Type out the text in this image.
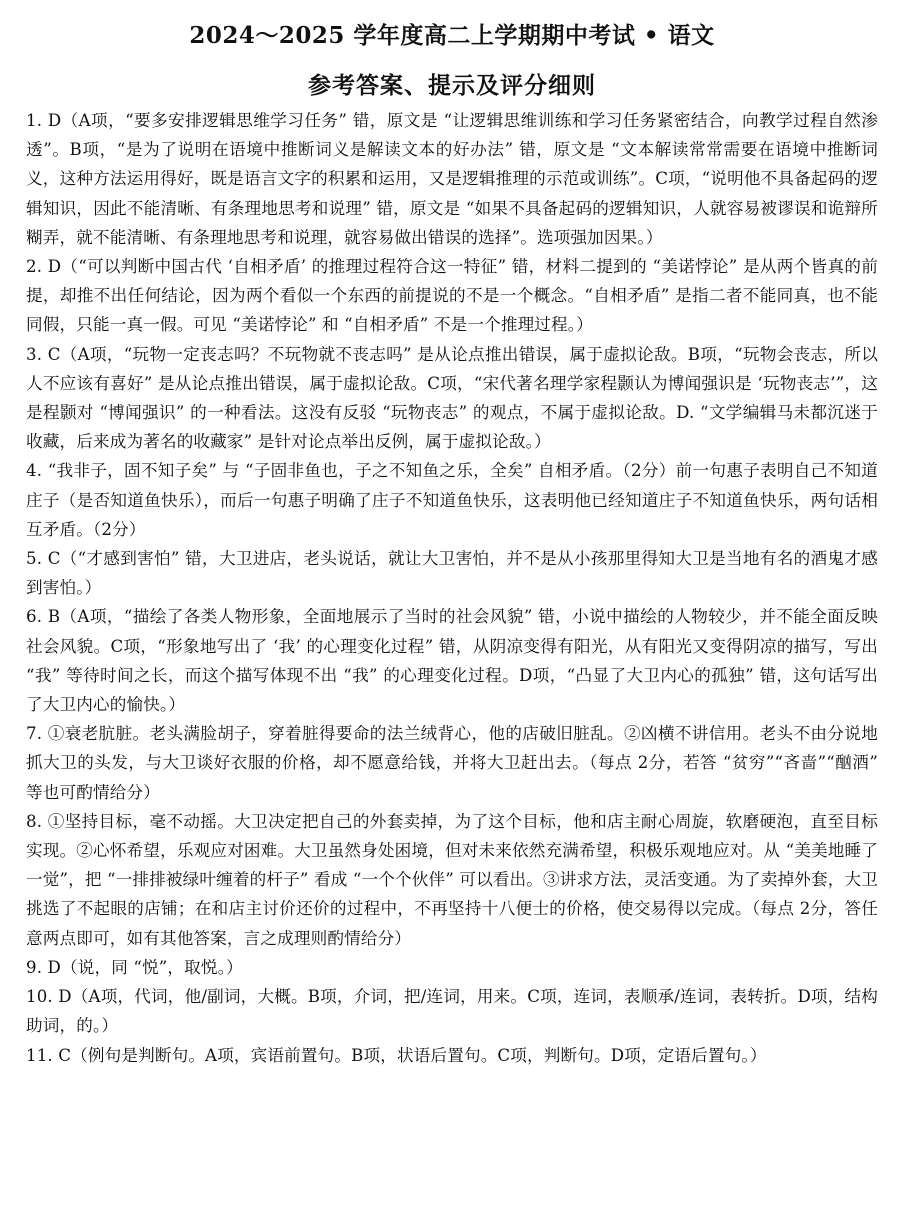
2024～2025 学年度高二上学期期中考试 • 语文
参考答案、提示及评分细则

1. D（A项，“要多安排逻辑思维学习任务” 错，原文是 “让逻辑思维训练和学习任务紧密结合，向教学过程自然渗透”。B项，“是为了说明在语境中推断词义是解读文本的好办法” 错，原文是 “文本解读常常需要在语境中推断词义，这种方法运用得好，既是语言文字的积累和运用，又是逻辑推理的示范或训练”。C项，“说明他不具备起码的逻辑知识，因此不能清晰、有条理地思考和说理” 错，原文是 “如果不具备起码的逻辑知识，人就容易被谬误和诡辩所糊弄，就不能清晰、有条理地思考和说理，就容易做出错误的选择”。选项强加因果。）

2. D（“可以判断中国古代 ‘自相矛盾’ 的推理过程符合这一特征” 错，材料二提到的 “美诺悖论” 是从两个皆真的前提，却推不出任何结论，因为两个看似一个东西的前提说的不是一个概念。“自相矛盾” 是指二者不能同真，也不能同假，只能一真一假。可见 “美诺悖论” 和 “自相矛盾” 不是一个推理过程。）

3. C（A项，“玩物一定丧志吗？不玩物就不丧志吗” 是从论点推出错误，属于虚拟论敌。B项，“玩物会丧志，所以人不应该有喜好” 是从论点推出错误，属于虚拟论敌。C项，“宋代著名理学家程颢认为博闻强识是 ‘玩物丧志’”，这是程颢对 “博闻强识” 的一种看法。这没有反驳 “玩物丧志” 的观点，不属于虚拟论敌。D. “文学编辑马未都沉迷于收藏，后来成为著名的收藏家” 是针对论点举出反例，属于虚拟论敌。）

4. “我非子，固不知子矣” 与 “子固非鱼也，子之不知鱼之乐，全矣” 自相矛盾。（2分）前一句惠子表明自己不知道庄子（是否知道鱼快乐），而后一句惠子明确了庄子不知道鱼快乐，这表明他已经知道庄子不知道鱼快乐，两句话相互矛盾。（2分）

5. C（“才感到害怕” 错，大卫进店，老头说话，就让大卫害怕，并不是从小孩那里得知大卫是当地有名的酒鬼才感到害怕。）

6. B（A项，“描绘了各类人物形象，全面地展示了当时的社会风貌” 错，小说中描绘的人物较少，并不能全面反映社会风貌。C项，“形象地写出了 ‘我’ 的心理变化过程” 错，从阴凉变得有阳光，从有阳光又变得阴凉的描写，写出 “我” 等待时间之长，而这个描写体现不出 “我” 的心理变化过程。D项，“凸显了大卫内心的孤独” 错，这句话写出了大卫内心的愉快。）

7. ①衰老肮脏。老头满脸胡子，穿着脏得要命的法兰绒背心，他的店破旧脏乱。②凶横不讲信用。老头不由分说地抓大卫的头发，与大卫谈好衣服的价格，却不愿意给钱，并将大卫赶出去。（每点 2分，若答 “贫穷”“吝啬”“酗酒” 等也可酌情给分）

8. ①坚持目标，毫不动摇。大卫决定把自己的外套卖掉，为了这个目标，他和店主耐心周旋，软磨硬泡，直至目标实现。②心怀希望，乐观应对困难。大卫虽然身处困境，但对未来依然充满希望，积极乐观地应对。从 “美美地睡了一觉”，把 “一排排被绿叶缠着的杆子” 看成 “一个个伙伴” 可以看出。③讲求方法，灵活变通。为了卖掉外套，大卫挑选了不起眼的店铺；在和店主讨价还价的过程中，不再坚持十八便士的价格，使交易得以完成。（每点 2分，答任意两点即可，如有其他答案，言之成理则酌情给分）

9. D（说，同 “悦”，取悦。）

10. D（A项，代词，他/副词，大概。B项，介词，把/连词，用来。C项，连词，表顺承/连词，表转折。D项，结构助词，的。）

11. C（例句是判断句。A项，宾语前置句。B项，状语后置句。C项，判断句。D项，定语后置句。）
